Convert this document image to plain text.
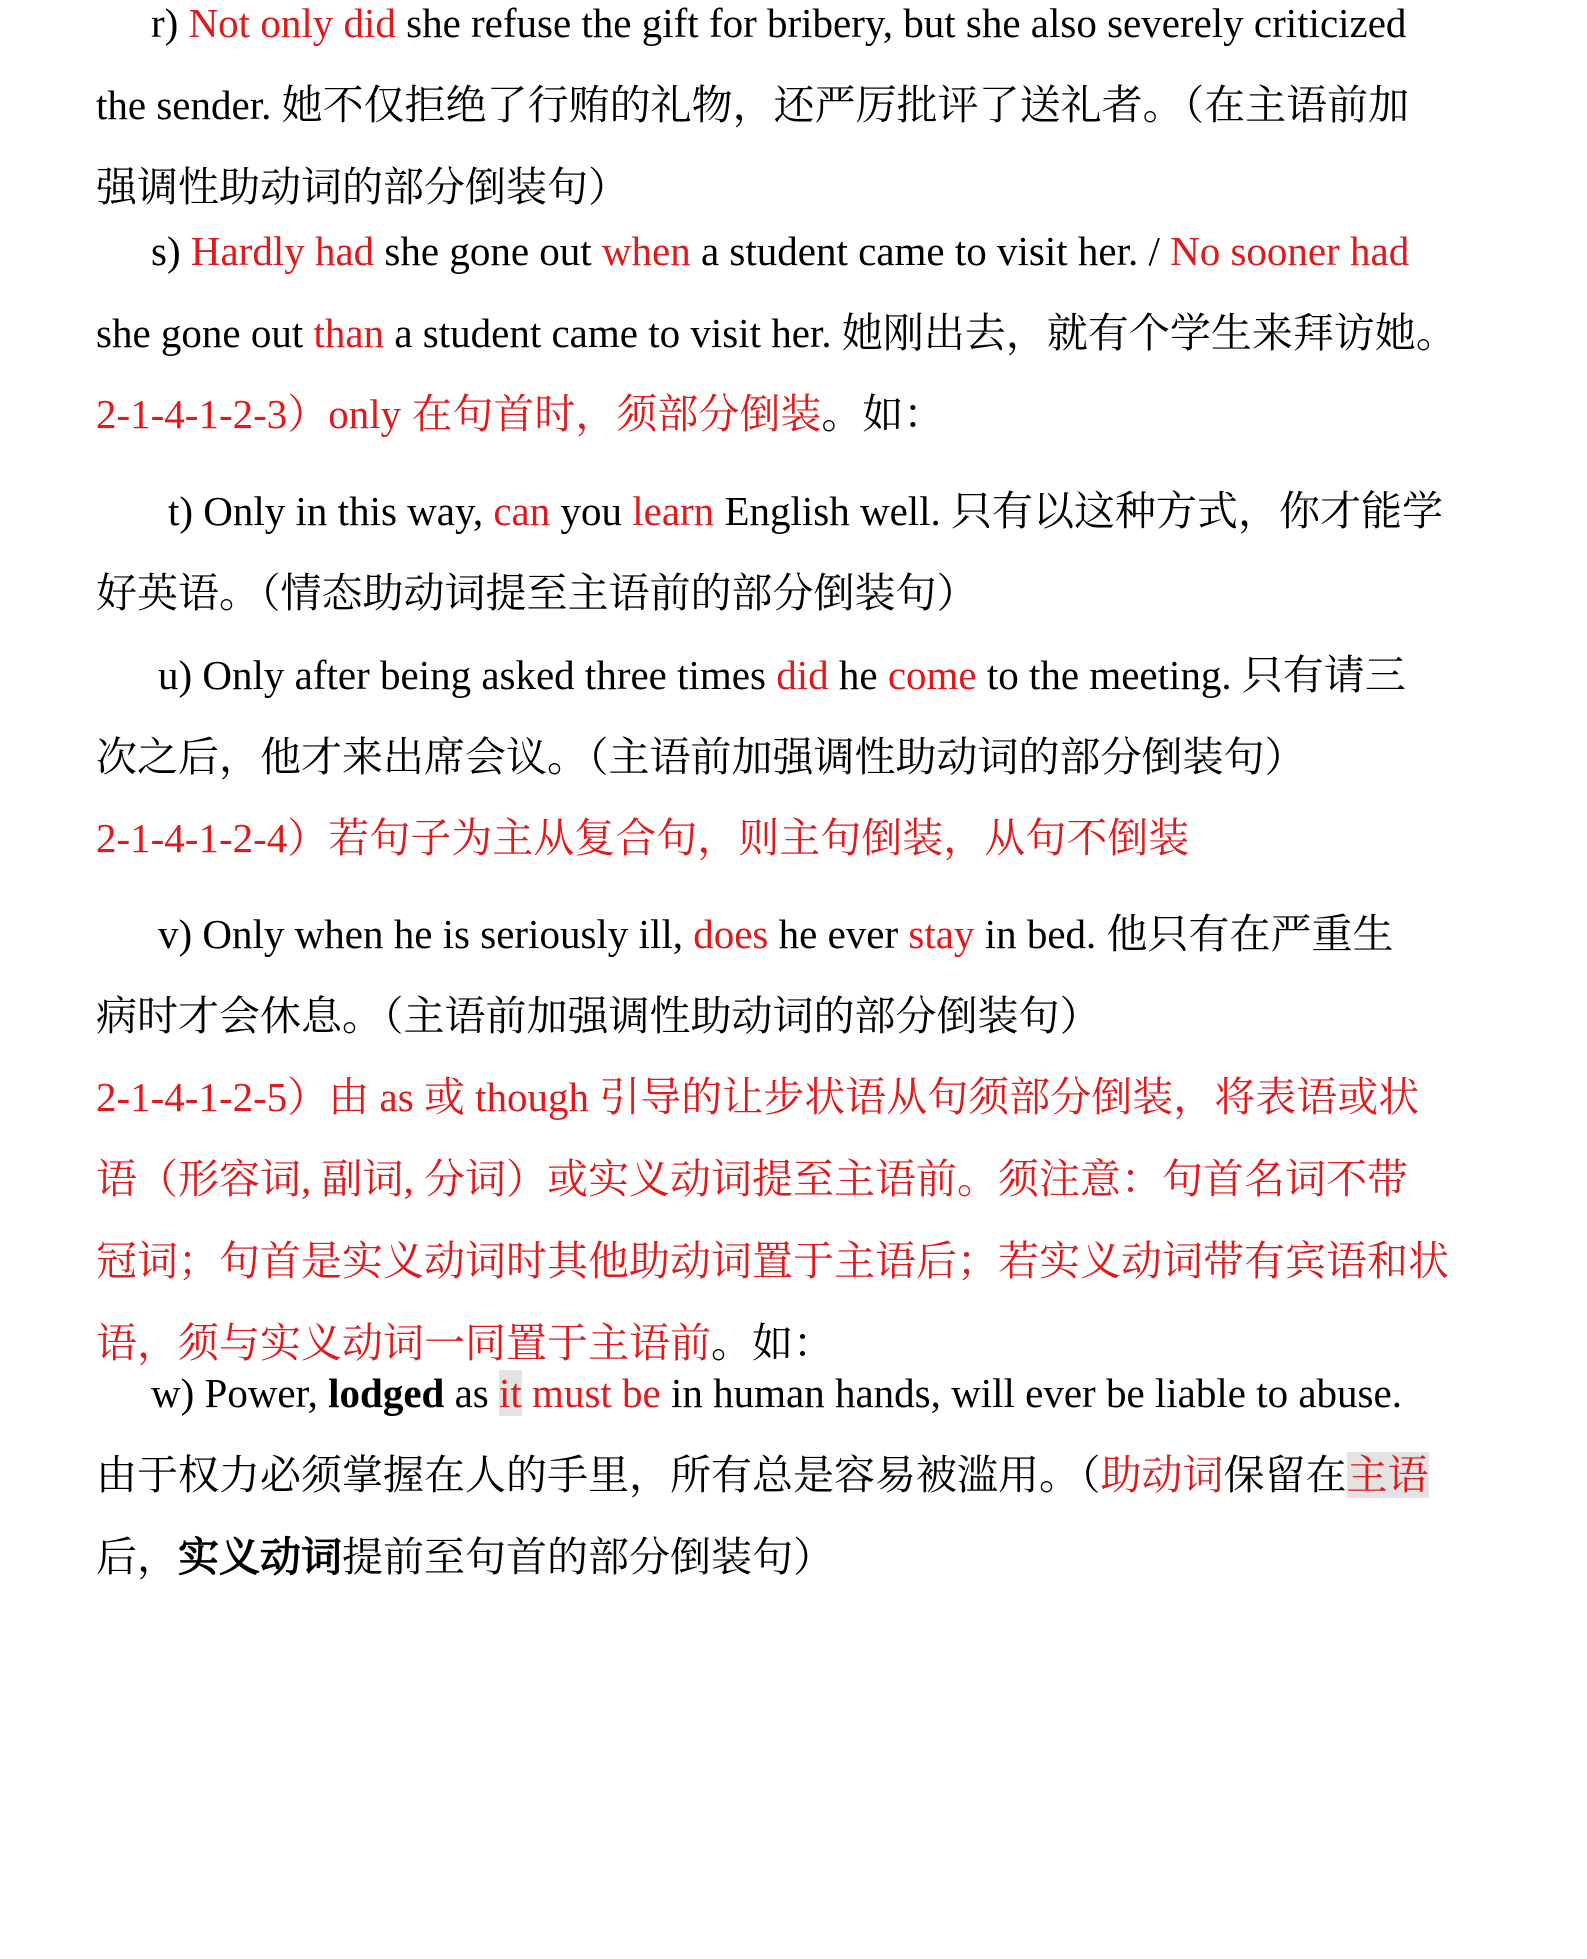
r) Not only did she refuse the gift for bribery, but she also severely criticized
the sender. 她不仅拒绝了行贿的礼物，还严厉批评了送礼者。（在主语前加
强调性助动词的部分倒装句）

s) Hardly had she gone out when a student came to visit her. / No sooner had
she gone out than a student came to visit her. 她刚出去，就有个学生来拜访她。

2-1-4-1-2-3）only 在句首时，须部分倒装。如：

t) Only in this way, can you learn English well. 只有以这种方式，你才能学
好英语。（情态助动词提至主语前的部分倒装句）

u) Only after being asked three times did he come to the meeting. 只有请三
次之后，他才来出席会议。（主语前加强调性助动词的部分倒装句）

2-1-4-1-2-4）若句子为主从复合句，则主句倒装，从句不倒装

v) Only when he is seriously ill, does he ever stay in bed. 他只有在严重生
病时才会休息。（主语前加强调性助动词的部分倒装句）

2-1-4-1-2-5）由 as 或 though 引导的让步状语从句须部分倒装，将表语或状
语（形容词, 副词, 分词）或实义动词提至主语前。须注意：句首名词不带
冠词；句首是实义动词时其他助动词置于主语后；若实义动词带有宾语和状
语，须与实义动词一同置于主语前。如：

w) Power, lodged as it must be in human hands, will ever be liable to abuse.
由于权力必须掌握在人的手里，所有总是容易被滥用。（助动词保留在主语
后，实义动词提前至句首的部分倒装句）
